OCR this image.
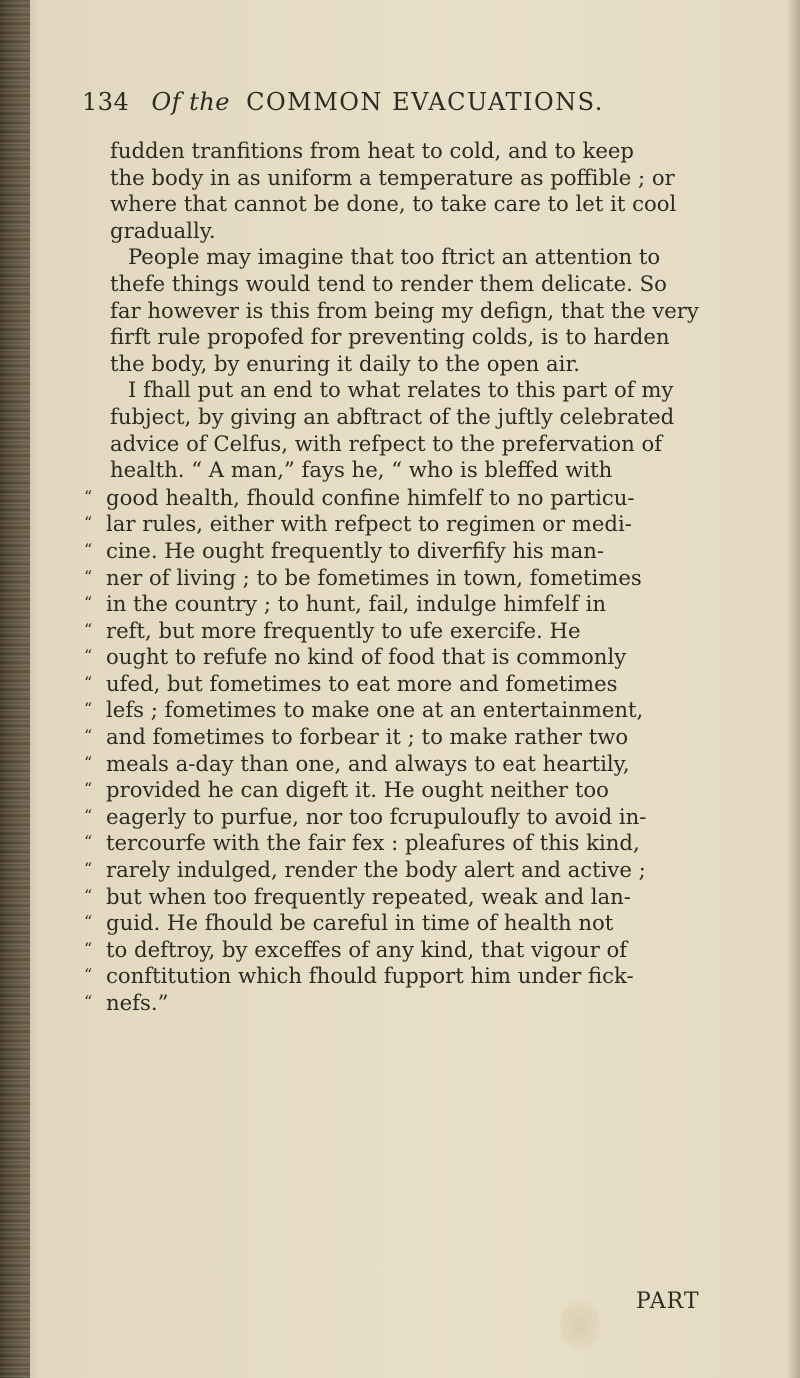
134 Of the COMMON EVACUATIONS.
fudden tranfitions from heat to cold, and to keep
the body in as uniform a temperature as poffible ; or
where that cannot be done, to take care to let it cool
gradually.
People may imagine that too ftrict an attention to
thefe things would tend to render them delicate. So
far however is this from being my defign, that the very
firft rule propofed for preventing colds, is to harden
the body, by enuring it daily to the open air.
I fhall put an end to what relates to this part of my
fubject, by giving an abftract of the juftly celebrated
advice of Celfus, with refpect to the prefervation of
health. “ A man,” fays he, “ who is bleffed with
“ good health, fhould confine himfelf to no particu-
“ lar rules, either with refpect to regimen or medi-
“ cine. He ought frequently to diverfify his man-
“ ner of living ; to be fometimes in town, fometimes
“ in the country ; to hunt, fail, indulge himfelf in
“ reft, but more frequently to ufe exercife. He
“ ought to refufe no kind of food that is commonly
“ ufed, but fometimes to eat more and fometimes
“ lefs ; fometimes to make one at an entertainment,
“ and fometimes to forbear it ; to make rather two
“ meals a-day than one, and always to eat heartily,
“ provided he can digeft it. He ought neither too
“ eagerly to purfue, nor too fcrupuloufly to avoid in-
“ tercourfe with the fair fex : pleafures of this kind,
“ rarely indulged, render the body alert and active ;
“ but when too frequently repeated, weak and lan-
“ guid. He fhould be careful in time of health not
“ to deftroy, by exceffes of any kind, that vigour of
“ conftitution which fhould fupport him under fick-
“ nefs.”
PART
